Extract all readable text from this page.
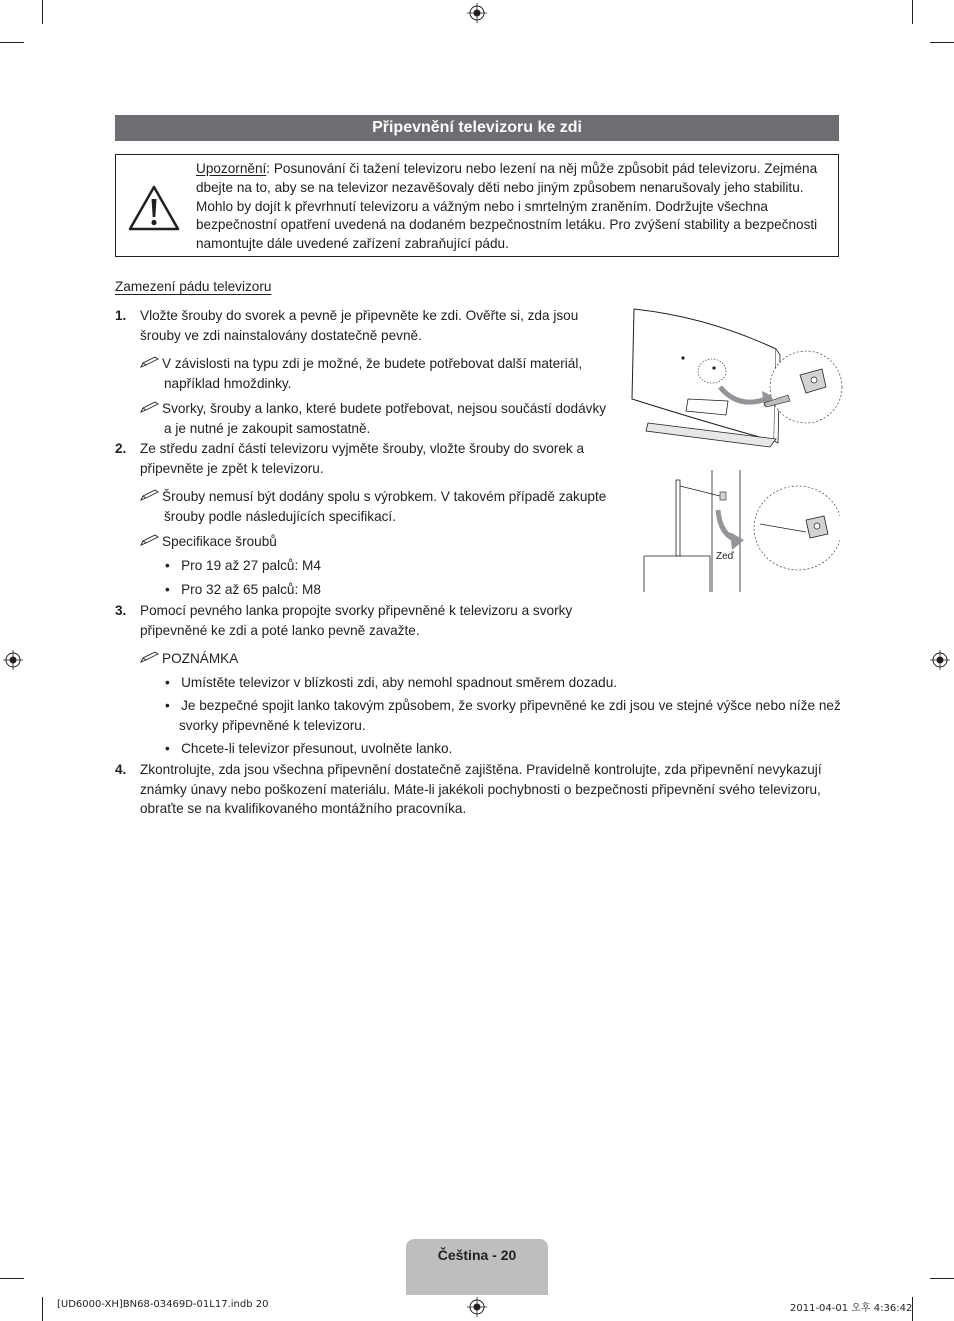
Připevnění televizoru ke zdi
Upozornění: Posunování či tažení televizoru nebo lezení na něj může způsobit pád televizoru. Zejména dbejte na to, aby se na televizor nezavěšovaly děti nebo jiným způsobem nenarušovaly jeho stabilitu. Mohlo by dojít k převrhnutí televizoru a vážným nebo i smrtelným zraněním. Dodržujte všechna bezpečnostní opatření uvedená na dodaném bezpečnostním letáku. Pro zvýšení stability a bezpečnosti namontujte dále uvedené zařízení zabraňující pádu.
Zamezení pádu televizoru
1. Vložte šrouby do svorek a pevně je připevněte ke zdi. Ověřte si, zda jsou šrouby ve zdi nainstalovány dostatečně pevně.
V závislosti na typu zdi je možné, že budete potřebovat další materiál, například hmoždinky.
Svorky, šrouby a lanko, které budete potřebovat, nejsou součástí dodávky a je nutné je zakoupit samostatně.
2. Ze středu zadní části televizoru vyjměte šrouby, vložte šrouby do svorek a připevněte je zpět k televizoru.
Šrouby nemusí být dodány spolu s výrobkem. V takovém případě zakupte šrouby podle následujících specifikací.
Specifikace šroubů
•   Pro 19 až 27 palců: M4
•   Pro 32 až 65 palců: M8
3. Pomocí pevného lanka propojte svorky připevněné k televizoru a svorky připevněné ke zdi a poté lanko pevně zavažte.
POZNÁMKA
•   Umístěte televizor v blízkosti zdi, aby nemohl spadnout směrem dozadu.
•   Je bezpečné spojit lanko takovým způsobem, že svorky připevněné ke zdi jsou ve stejné výšce nebo níže než svorky připevněné k televizoru.
•   Chcete-li televizor přesunout, uvolněte lanko.
4. Zkontrolujte, zda jsou všechna připevnění dostatečně zajištěna. Pravidelně kontrolujte, zda připevnění nevykazují známky únavy nebo poškození materiálu. Máte-li jakékoli pochybnosti o bezpečnosti připevnění svého televizoru, obraťte se na kvalifikovaného montážního pracovníka.
Zeď
Čeština - 20
[UD6000-XH]BN68-03469D-01L17.indb 20	2011-04-01 오후 4:36:42
